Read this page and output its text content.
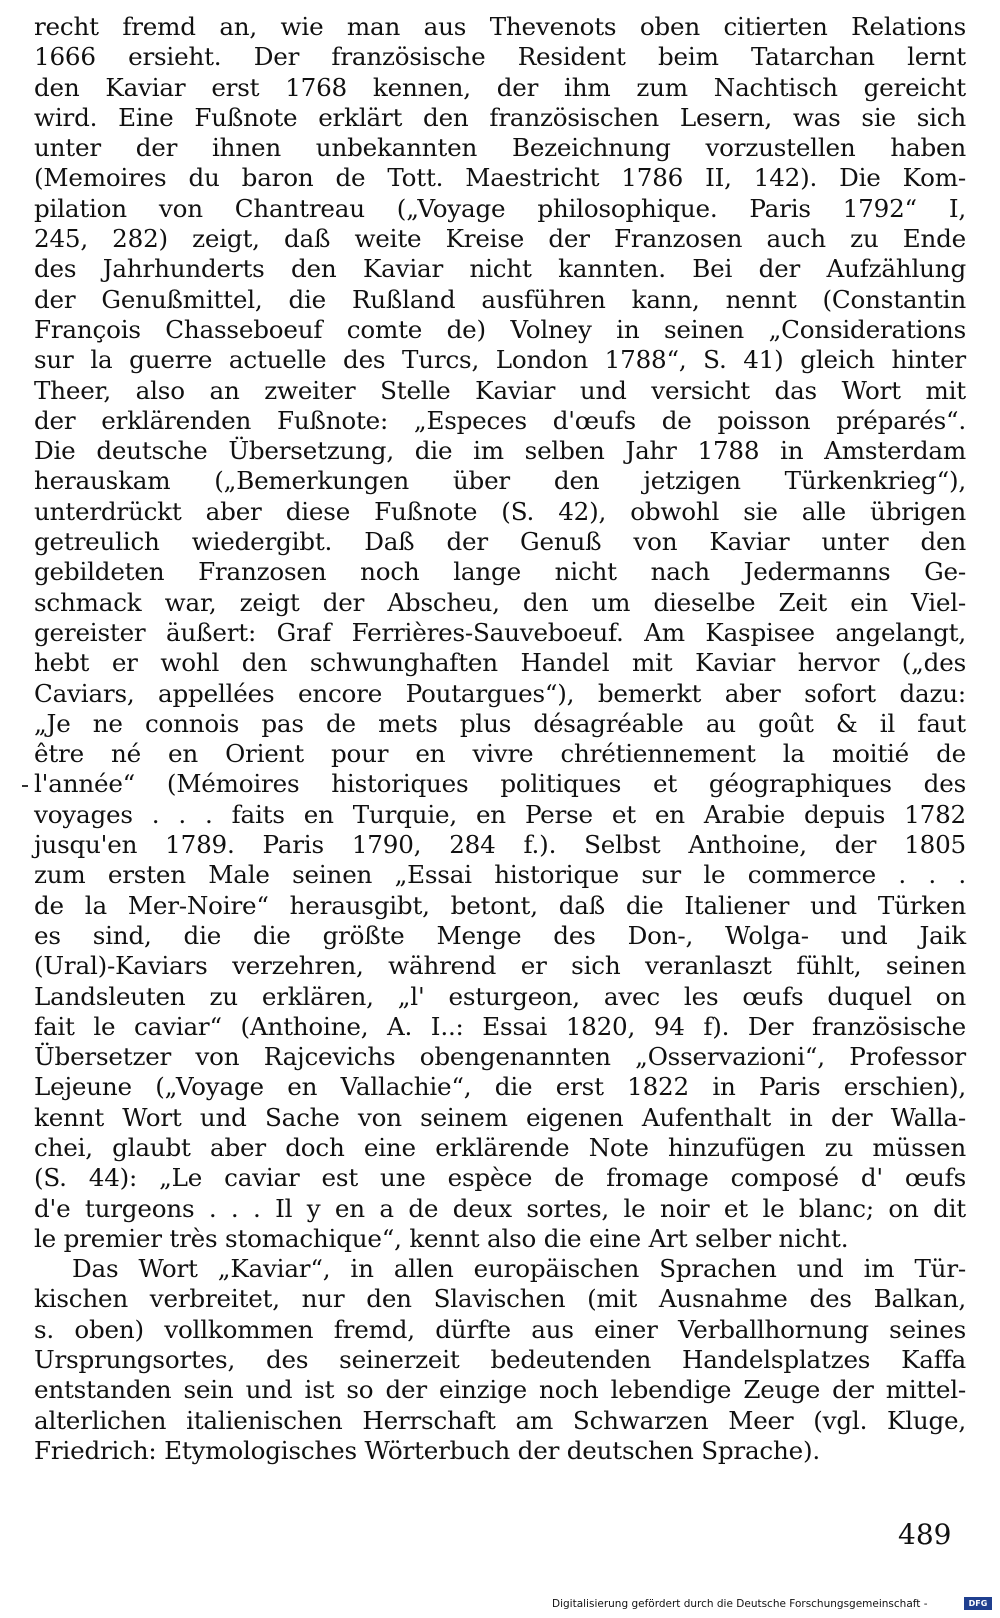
recht fremd an, wie man aus Thevenots oben citierten Relations
1666 ersieht. Der französische Resident beim Tatarchan lernt
den Kaviar erst 1768 kennen, der ihm zum Nachtisch gereicht
wird. Eine Fußnote erklärt den französischen Lesern, was sie sich
unter der ihnen unbekannten Bezeichnung vorzustellen haben
(Memoires du baron de Tott. Maestricht 1786 II, 142). Die Kom-
pilation von Chantreau („Voyage philosophique. Paris 1792“ I,
245, 282) zeigt, daß weite Kreise der Franzosen auch zu Ende
des Jahrhunderts den Kaviar nicht kannten. Bei der Aufzählung
der Genußmittel, die Rußland ausführen kann, nennt (Constantin
François Chasseboeuf comte de) Volney in seinen „Considerations
sur la guerre actuelle des Turcs, London 1788“, S. 41) gleich hinter
Theer, also an zweiter Stelle Kaviar und versicht das Wort mit
der erklärenden Fußnote: „Especes d'œufs de poisson préparés“.
Die deutsche Übersetzung, die im selben Jahr 1788 in Amsterdam
herauskam („Bemerkungen über den jetzigen Türkenkrieg“),
unterdrückt aber diese Fußnote (S. 42), obwohl sie alle übrigen
getreulich wiedergibt. Daß der Genuß von Kaviar unter den
gebildeten Franzosen noch lange nicht nach Jedermanns Ge-
schmack war, zeigt der Abscheu, den um dieselbe Zeit ein Viel-
gereister äußert: Graf Ferrières-Sauveboeuf. Am Kaspisee angelangt,
hebt er wohl den schwunghaften Handel mit Kaviar hervor („des
Caviars, appellées encore Poutargues“), bemerkt aber sofort dazu:
„Je ne connois pas de mets plus désagréable au goût & il faut
être né en Orient pour en vivre chrétiennement la moitié de
l'année“ (Mémoires historiques politiques et géographiques des
voyages . . . faits en Turquie, en Perse et en Arabie depuis 1782
jusqu'en 1789. Paris 1790, 284 f.). Selbst Anthoine, der 1805
zum ersten Male seinen „Essai historique sur le commerce . . .
de la Mer-Noire“ herausgibt, betont, daß die Italiener und Türken
es sind, die die größte Menge des Don-, Wolga- und Jaik
(Ural)-Kaviars verzehren, während er sich veranlaszt fühlt, seinen
Landsleuten zu erklären, „l' esturgeon, avec les œufs duquel on
fait le caviar“ (Anthoine, A. I..: Essai 1820, 94 f). Der französische
Übersetzer von Rajcevichs obengenannten „Osservazioni“, Professor
Lejeune („Voyage en Vallachie“, die erst 1822 in Paris erschien),
kennt Wort und Sache von seinem eigenen Aufenthalt in der Walla-
chei, glaubt aber doch eine erklärende Note hinzufügen zu müssen
(S. 44): „Le caviar est une espèce de fromage composé d' œufs
d'e turgeons . . . Il y en a de deux sortes, le noir et le blanc; on dit
le premier très stomachique“, kennt also die eine Art selber nicht.
Das Wort „Kaviar“, in allen europäischen Sprachen und im Tür-
kischen verbreitet, nur den Slavischen (mit Ausnahme des Balkan,
s. oben) vollkommen fremd, dürfte aus einer Verballhornung seines
Ursprungsortes, des seinerzeit bedeutenden Handelsplatzes Kaffa
entstanden sein und ist so der einzige noch lebendige Zeuge der mittel-
alterlichen italienischen Herrschaft am Schwarzen Meer (vgl. Kluge,
Friedrich: Etymologisches Wörterbuch der deutschen Sprache).
489
Digitalisierung gefördert durch die Deutsche Forschungsgemeinschaft -	DFG
